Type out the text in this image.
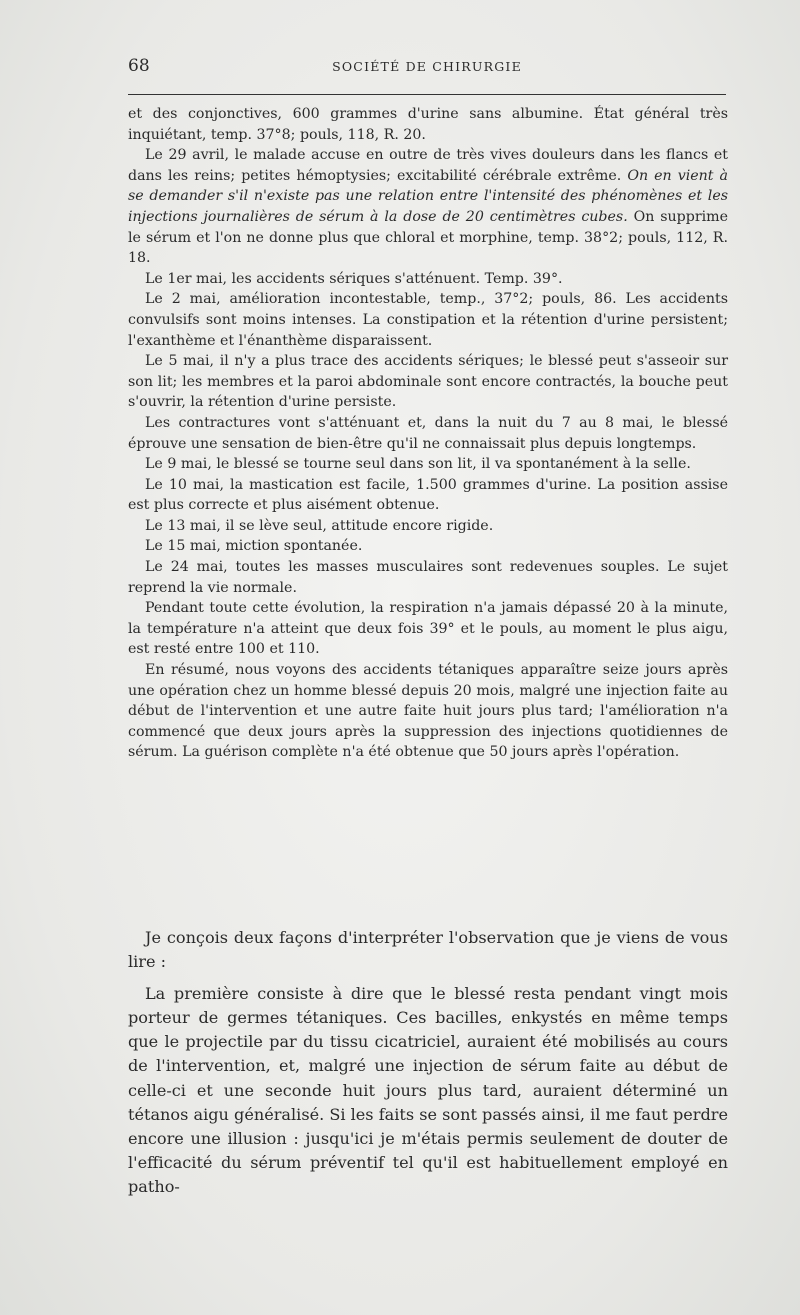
68	SOCIÉTÉ DE CHIRURGIE

et des conjonctives, 600 grammes d'urine sans albumine. État général très inquiétant, temp. 37°8; pouls, 118, R. 20.

Le 29 avril, le malade accuse en outre de très vives douleurs dans les flancs et dans les reins; petites hémoptysies; excitabilité cérébrale extrême. On en vient à se demander s'il n'existe pas une relation entre l'intensité des phénomènes et les injections journalières de sérum à la dose de 20 centimètres cubes. On supprime le sérum et l'on ne donne plus que chloral et morphine, temp. 38°2; pouls, 112, R. 18.

Le 1er mai, les accidents sériques s'atténuent. Temp. 39°.

Le 2 mai, amélioration incontestable, temp., 37°2; pouls, 86. Les accidents convulsifs sont moins intenses. La constipation et la rétention d'urine persistent; l'exanthème et l'énanthème disparaissent.

Le 5 mai, il n'y a plus trace des accidents sériques; le blessé peut s'asseoir sur son lit; les membres et la paroi abdominale sont encore contractés, la bouche peut s'ouvrir, la rétention d'urine persiste.

Les contractures vont s'atténuant et, dans la nuit du 7 au 8 mai, le blessé éprouve une sensation de bien-être qu'il ne connaissait plus depuis longtemps.

Le 9 mai, le blessé se tourne seul dans son lit, il va spontanément à la selle.

Le 10 mai, la mastication est facile, 1.500 grammes d'urine. La position assise est plus correcte et plus aisément obtenue.

Le 13 mai, il se lève seul, attitude encore rigide.

Le 15 mai, miction spontanée.

Le 24 mai, toutes les masses musculaires sont redevenues souples. Le sujet reprend la vie normale.

Pendant toute cette évolution, la respiration n'a jamais dépassé 20 à la minute, la température n'a atteint que deux fois 39° et le pouls, au moment le plus aigu, est resté entre 100 et 110.

En résumé, nous voyons des accidents tétaniques apparaître seize jours après une opération chez un homme blessé depuis 20 mois, malgré une injection faite au début de l'intervention et une autre faite huit jours plus tard; l'amélioration n'a commencé que deux jours après la suppression des injections quotidiennes de sérum. La guérison complète n'a été obtenue que 50 jours après l'opération.

Je conçois deux façons d'interpréter l'observation que je viens de vous lire :

La première consiste à dire que le blessé resta pendant vingt mois porteur de germes tétaniques. Ces bacilles, enkystés en même temps que le projectile par du tissu cicatriciel, auraient été mobilisés au cours de l'intervention, et, malgré une injection de sérum faite au début de celle-ci et une seconde huit jours plus tard, auraient déterminé un tétanos aigu généralisé. Si les faits se sont passés ainsi, il me faut perdre encore une illusion : jusqu'ici je m'étais permis seulement de douter de l'efficacité du sérum préventif tel qu'il est habituellement employé en patho-
